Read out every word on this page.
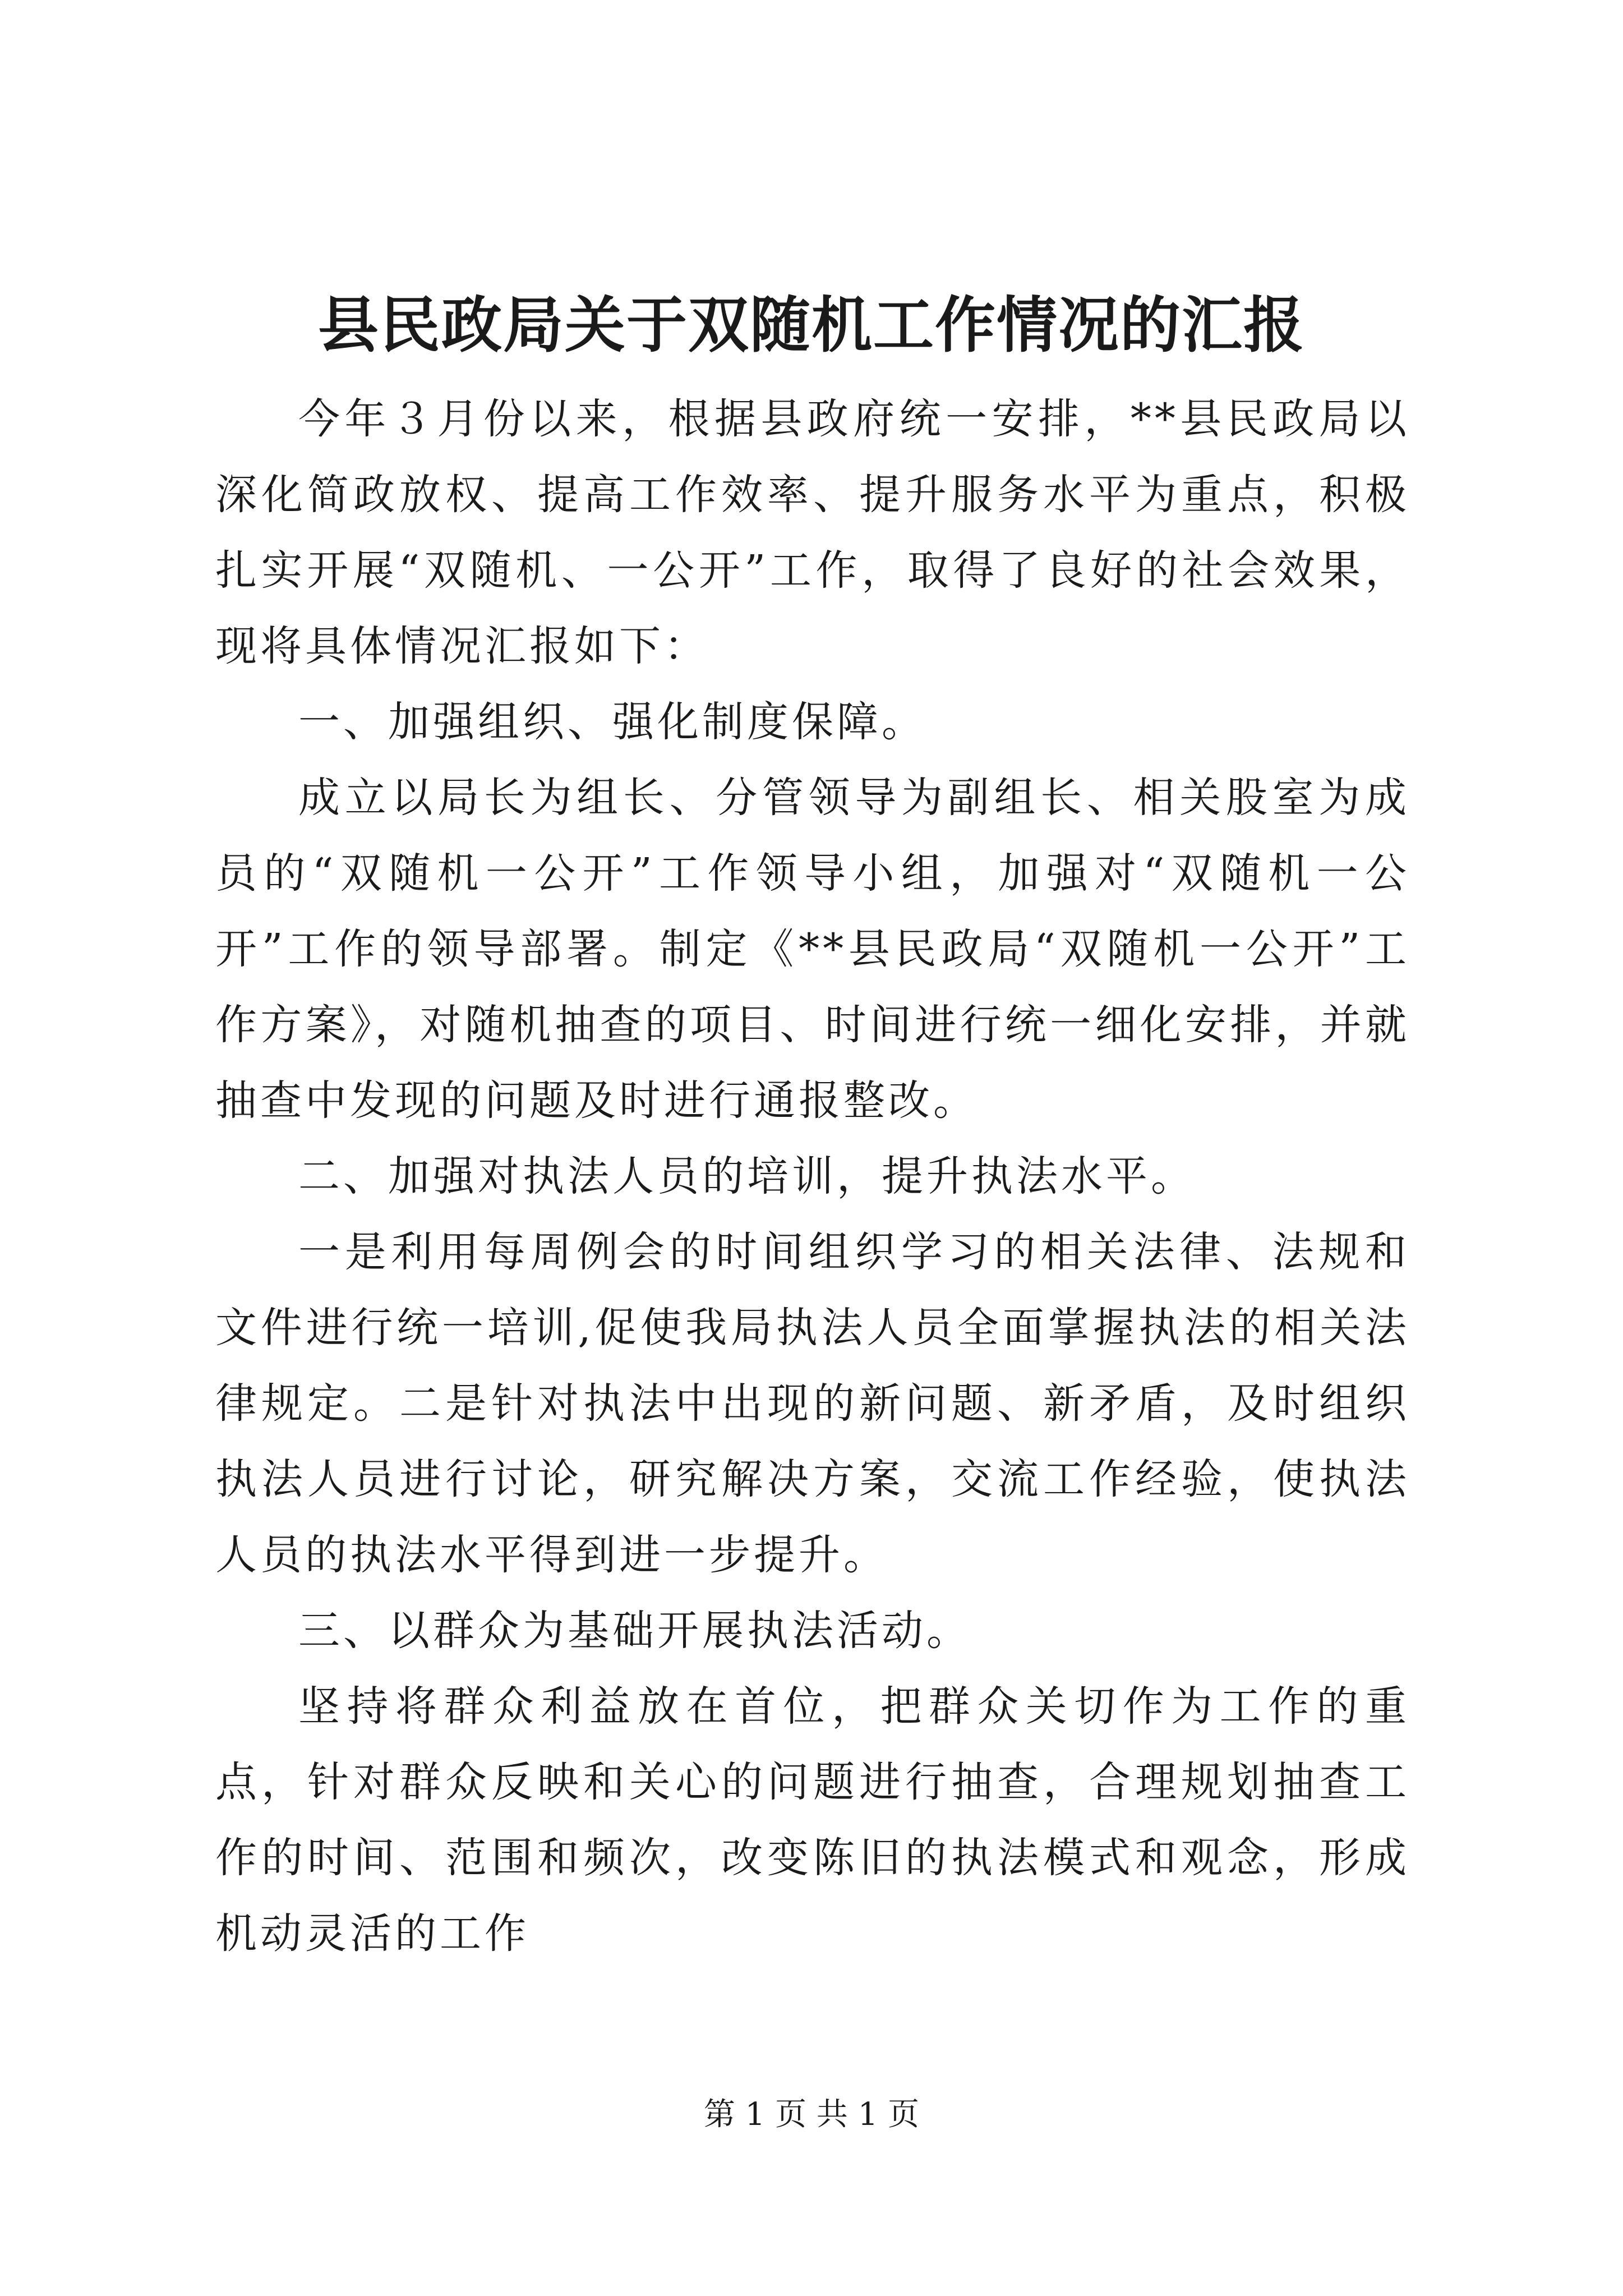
县民政局关于双随机工作情况的汇报

今年３月份以来，根据县政府统一安排，**县民政局以深化简政放权、提高工作效率、提升服务水平为重点，积极扎实开展“双随机、一公开”工作，取得了良好的社会效果，现将具体情况汇报如下：

一、加强组织、强化制度保障。

成立以局长为组长、分管领导为副组长、相关股室为成员的“双随机一公开”工作领导小组，加强对“双随机一公开”工作的领导部署。制定《**县民政局“双随机一公开”工作方案》，对随机抽查的项目、时间进行统一细化安排，并就抽查中发现的问题及时进行通报整改。

二、加强对执法人员的培训，提升执法水平。

一是利用每周例会的时间组织学习的相关法律、法规和文件进行统一培训,促使我局执法人员全面掌握执法的相关法律规定。二是针对执法中出现的新问题、新矛盾，及时组织执法人员进行讨论，研究解决方案，交流工作经验，使执法人员的执法水平得到进一步提升。

三、以群众为基础开展执法活动。

坚持将群众利益放在首位，把群众关切作为工作的重点，针对群众反映和关心的问题进行抽查，合理规划抽查工作的时间、范围和频次，改变陈旧的执法模式和观念，形成机动灵活的工作

第 1 页 共 1 页
